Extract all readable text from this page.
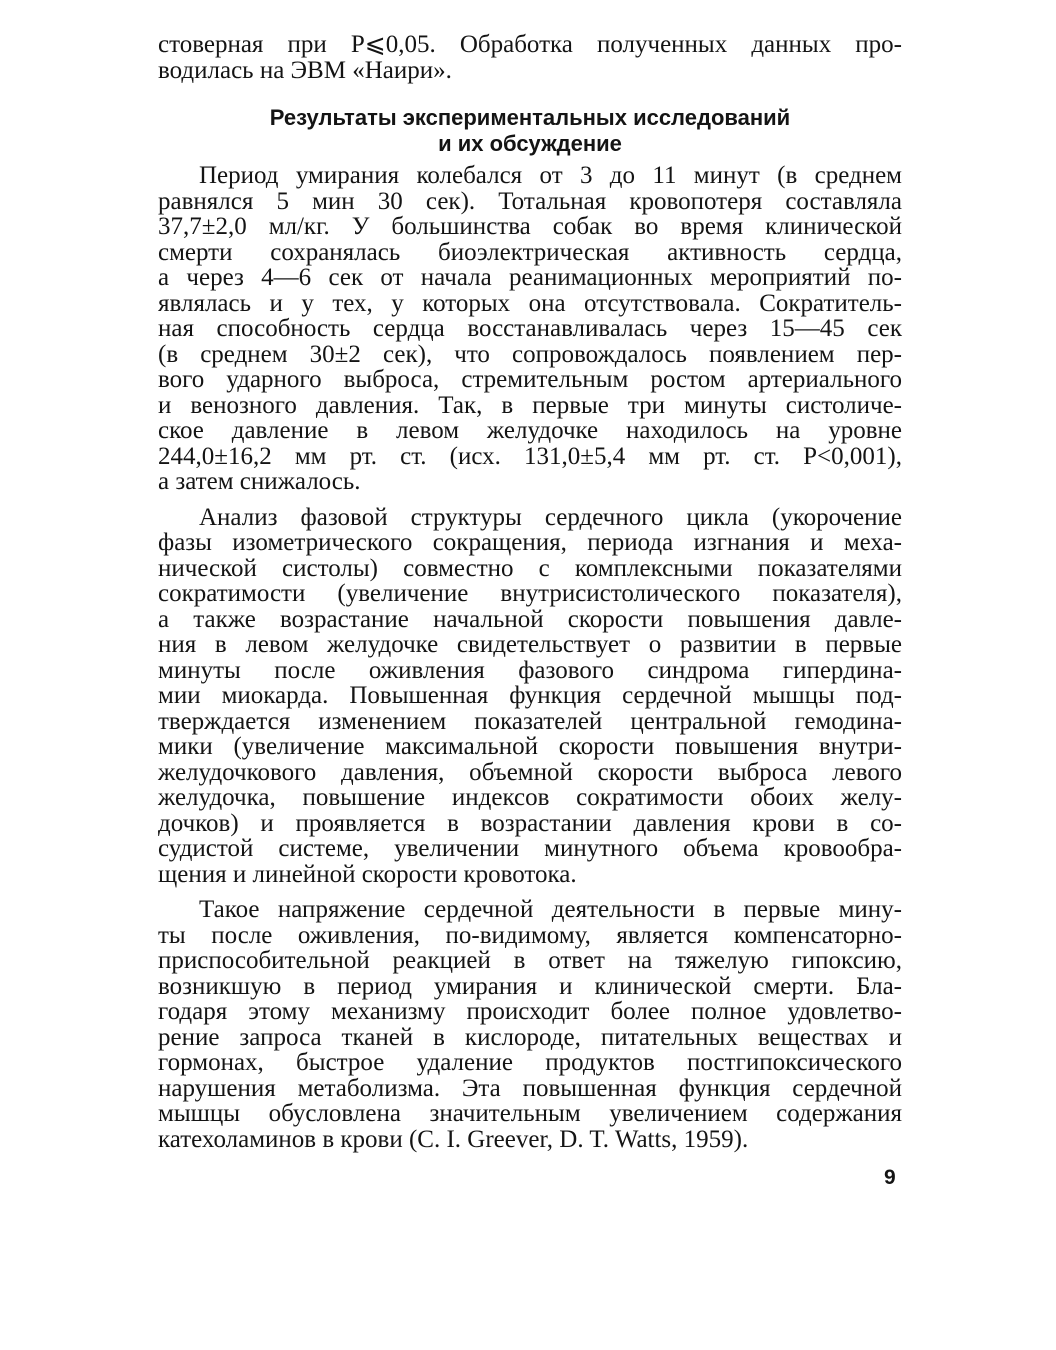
стоверная при P⩽0,05. Обработка полученных данных про-
водилась на ЭВМ «Наири».
Результаты экспериментальных исследований
и их обсуждение
Период умирания колебался от 3 до 11 минут (в среднем
равнялся 5 мин 30 сек). Тотальная кровопотеря составляла
37,7±2,0 мл/кг. У большинства собак во время клинической
смерти сохранялась биоэлектрическая активность сердца,
а через 4—6 сек от начала реанимационных мероприятий по-
являлась и у тех, у которых она отсутствовала. Сократитель-
ная способность сердца восстанавливалась через 15—45 сек
(в среднем 30±2 сек), что сопровождалось появлением пер-
вого ударного выброса, стремительным ростом артериального
и венозного давления. Так, в первые три минуты систоличе-
ское давление в левом желудочке находилось на уровне
244,0±16,2 мм рт. ст. (исх. 131,0±5,4 мм рт. ст. P<0,001),
а затем снижалось.
Анализ фазовой структуры сердечного цикла (укорочение
фазы изометрического сокращения, периода изгнания и меха-
нической систолы) совместно с комплексными показателями
сократимости (увеличение внутрисистолического показателя),
а также возрастание начальной скорости повышения давле-
ния в левом желудочке свидетельствует о развитии в первые
минуты после оживления фазового синдрома гипердина-
мии миокарда. Повышенная функция сердечной мышцы под-
тверждается изменением показателей центральной гемодина-
мики (увеличение максимальной скорости повышения внутри-
желудочкового давления, объемной скорости выброса левого
желудочка, повышение индексов сократимости обоих желу-
дочков) и проявляется в возрастании давления крови в со-
судистой системе, увеличении минутного объема кровообра-
щения и линейной скорости кровотока.
Такое напряжение сердечной деятельности в первые мину-
ты после оживления, по-видимому, является компенсаторно-
приспособительной реакцией в ответ на тяжелую гипоксию,
возникшую в период умирания и клинической смерти. Бла-
годаря этому механизму происходит более полное удовлетво-
рение запроса тканей в кислороде, питательных веществах и
гормонах, быстрое удаление продуктов постгипоксического
нарушения метаболизма. Эта повышенная функция сердечной
мышцы обусловлена значительным увеличением содержания
катехоламинов в крови (C. I. Greever, D. T. Watts, 1959).
9
